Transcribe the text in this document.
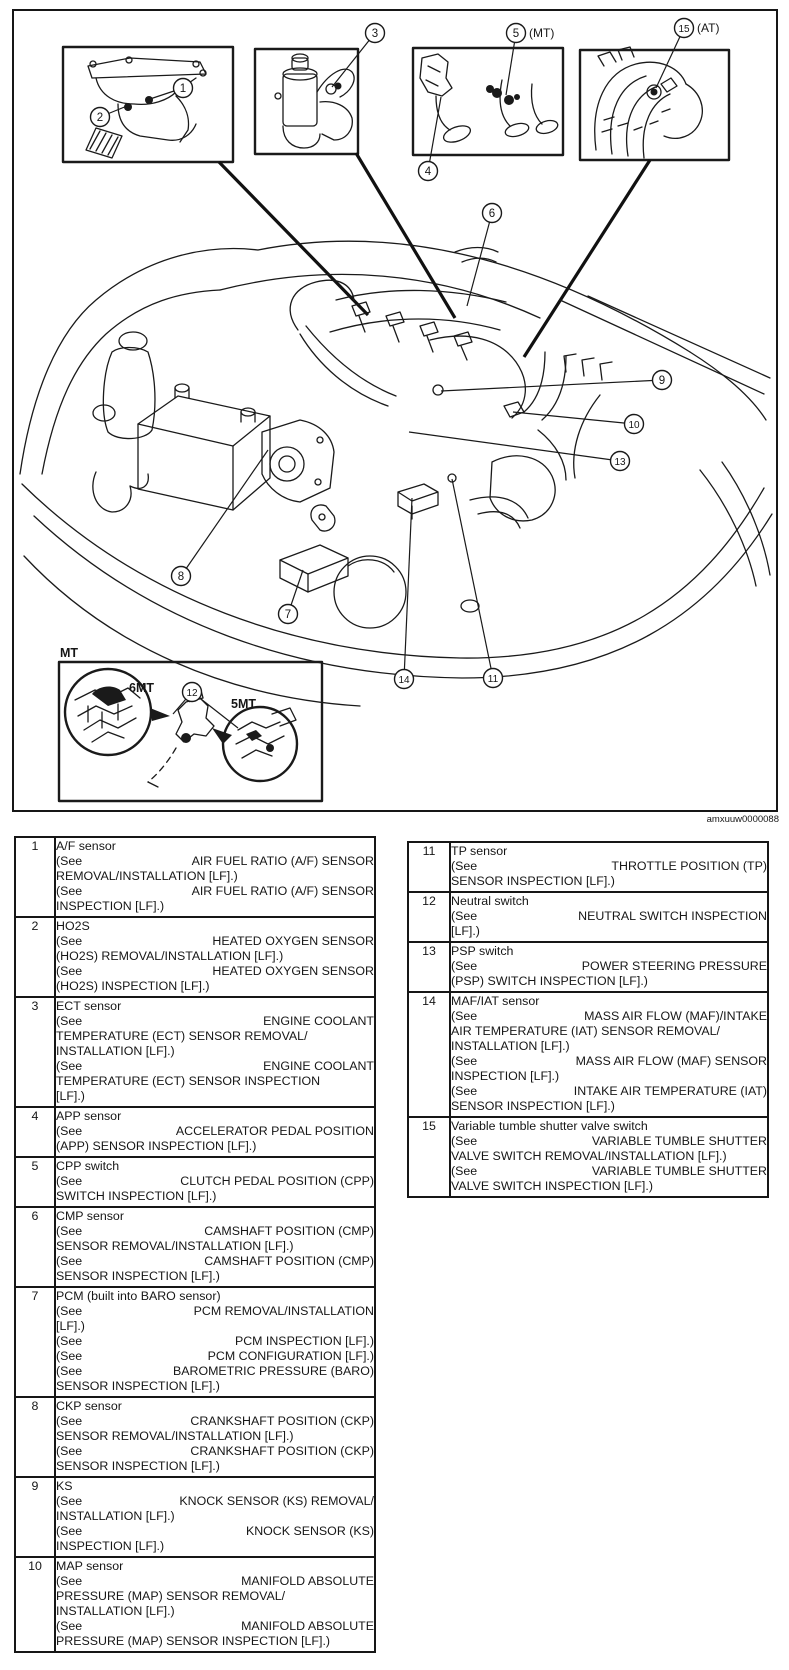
MT
6MT
5MT
1
2
3
4
5 (MT)
6
7
8
9
10
11
12
13
14
15 (AT)
amxuuw0000088
1	A/F sensor
(See	AIR FUEL RATIO (A/F) SENSOR
REMOVAL/INSTALLATION [LF].)
(See	AIR FUEL RATIO (A/F) SENSOR
INSPECTION [LF].)

2	HO2S
(See	HEATED OXYGEN SENSOR
(HO2S) REMOVAL/INSTALLATION [LF].)
(See	HEATED OXYGEN SENSOR
(HO2S) INSPECTION [LF].)

3	ECT sensor
(See	ENGINE COOLANT
TEMPERATURE (ECT) SENSOR REMOVAL/
INSTALLATION [LF].)
(See	ENGINE COOLANT
TEMPERATURE (ECT) SENSOR INSPECTION
[LF].)

4	APP sensor
(See ACCELERATOR PEDAL POSITION
(APP) SENSOR INSPECTION [LF].)

5	CPP switch
(See CLUTCH PEDAL POSITION (CPP)
SWITCH INSPECTION [LF].)

6	CMP sensor
(See	CAMSHAFT POSITION (CMP)
SENSOR REMOVAL/INSTALLATION [LF].)
(See	CAMSHAFT POSITION (CMP)
SENSOR INSPECTION [LF].)

7	PCM (built into BARO sensor)
(See	PCM REMOVAL/INSTALLATION
[LF].)
(See	PCM INSPECTION [LF].)
(See	PCM CONFIGURATION [LF].)
(See	BAROMETRIC PRESSURE (BARO)
SENSOR INSPECTION [LF].)

8	CKP sensor
(See	CRANKSHAFT POSITION (CKP)
SENSOR REMOVAL/INSTALLATION [LF].)
(See	CRANKSHAFT POSITION (CKP)
SENSOR INSPECTION [LF].)

9	KS
(See	KNOCK SENSOR (KS) REMOVAL/
INSTALLATION [LF].)
(See	KNOCK SENSOR (KS)
INSPECTION [LF].)

10	MAP sensor
(See	MANIFOLD ABSOLUTE
PRESSURE (MAP) SENSOR REMOVAL/
INSTALLATION [LF].)
(See	MANIFOLD ABSOLUTE
PRESSURE (MAP) SENSOR INSPECTION [LF].)
11	TP sensor
(See THROTTLE POSITION (TP)
SENSOR INSPECTION [LF].)

12	Neutral switch
(See NEUTRAL SWITCH INSPECTION
[LF].)

13	PSP switch
(See POWER STEERING PRESSURE
(PSP) SWITCH INSPECTION [LF].)

14	MAF/IAT sensor
(See	MASS AIR FLOW (MAF)/INTAKE
AIR TEMPERATURE (IAT) SENSOR REMOVAL/
INSTALLATION [LF].)
(See	MASS AIR FLOW (MAF) SENSOR
INSPECTION [LF].)
(See	INTAKE AIR TEMPERATURE (IAT)
SENSOR INSPECTION [LF].)

15	Variable tumble shutter valve switch
(See	VARIABLE TUMBLE SHUTTER
VALVE SWITCH REMOVAL/INSTALLATION [LF].)
(See	VARIABLE TUMBLE SHUTTER
VALVE SWITCH INSPECTION [LF].)
